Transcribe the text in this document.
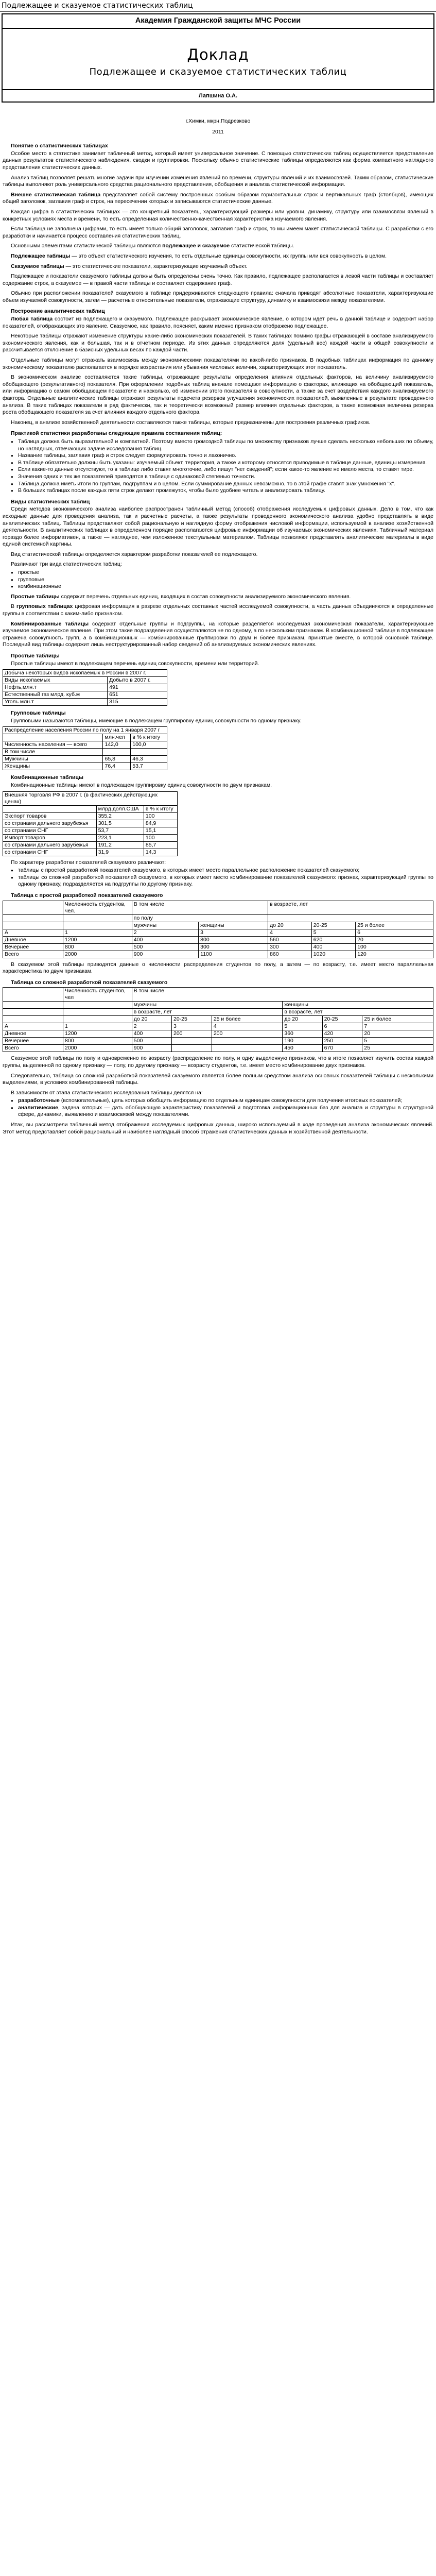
Подлежащее и сказуемое статистических таблиц
Академия Гражданской защиты МЧС России
Доклад
Подлежащее и сказуемое статистических таблиц
Лапшина О.А.
г.Химки, мкрн.Подрезково
2011
Понятие о статистических таблицах

Особое место в статистике занимает табличный метод, который имеет универсальное значение. С помощью статистических таблиц осуществляется представление данных результатов статистического наблюдения, сводки и группировки. Поскольку обычно статистические таблицы определяются как форма компактного наглядного представления статистических данных.

Анализ таблиц позволяет решать многие задачи при изучении изменения явлений во времени, структуры явлений и их взаимосвязей. Таким образом, статистические таблицы выполняют роль универсального средства рационального представления, обобщения и анализа статистической информации.

Внешне статистическая таблица представляет собой систему построенных особым образом горизонтальных строк и вертикальных граф (столбцов), имеющих общий заголовок, заглавия граф и строк, на пересечении которых и записываются статистические данные.

Каждая цифра в статистических таблицах — это конкретный показатель, характеризующий размеры или уровни, динамику, структуру или взаимосвязи явлений в конкретных условиях места и времени, то есть определенная количественно-качественная характеристика изучаемого явления.

Если таблица не заполнена цифрами, то есть имеет только общий заголовок, заглавия граф и строк, то мы имеем макет статистической таблицы. С разработки с его разработки и начинается процесс составления статистических таблиц.

Основными элементами статистической таблицы являются подлежащее и сказуемое статистической таблицы.

Подлежащее таблицы — это объект статистического изучения, то есть отдельные единицы совокупности, их группы или вся совокупность в целом.

Сказуемое таблицы — это статистические показатели, характеризующие изучаемый объект.

Подлежащее и показатели сказуемого таблицы должны быть определены очень точно. Как правило, подлежащее располагается в левой части таблицы и составляет содержание строк, а сказуемое — в правой части таблицы и составляет содержание граф.

Обычно при расположении показателей сказуемого в таблице придерживаются следующего правила: сначала приводят абсолютные показатели, характеризующие объем изучаемой совокупности, затем — расчетные относительные показатели, отражающие структуру, динамику и взаимосвязи между показателями.

Построение аналитических таблиц

Любая таблица состоит из подлежащего и сказуемого. Подлежащее раскрывает экономическое явление, о котором идет речь в данной таблице и содержит набор показателей, отображающих это явление. Сказуемое, как правило, поясняет, каким именно признаком отображено подлежащее.

Некоторые таблицы отражают изменение структуры какие-либо экономических показателей. В таких таблицах помимо графы отражающей в составе анализируемого экономического явления, как и большая, так и в отчетном периоде. Из этих данных определяются доля (удельный вес) каждой части в общей совокупности и рассчитывается отклонение в базисных удельных весах по каждой части.

Отдельные таблицы могут отражать взаимосвязь между экономическими показателями по какой-либо признаков. В подобных таблицах информация по данному экономическому показателю располагается в порядке возрастания или убывания числовых величин, характеризующих этот показатель.

В экономическом анализе составляются такие таблицы, отражающие результаты определения влияния отдельных факторов, на величину анализируемого обобщающего (результативного) показателя. При оформлении подобных таблиц вначале помещают информацию о факторах, влияющих на обобщающий показатель, или информацию о самом обобщающем показателе и насколько, об изменении этого показателя в совокупности, а также за счет воздействия каждого анализируемого фактора. Отдельные аналитические таблицы отражают результаты подсчета резервов улучшения экономических показателей, выявленные в результате проведенного анализа. В таких таблицах показатели в ряд фактически, так и теоретически возможный размер влияния отдельных факторов, а также возможная величина резерва роста обобщающего показателя за счет влияния каждого отдельного фактора.

Наконец, в анализе хозяйственной деятельности составляются также таблицы, которые предназначены для построения различных графиков.

Практикой статистики разработаны следующие правила составления таблиц:
● Таблица должна быть выразительной и компактной. Поэтому вместо громоздкой таблицы по множеству признаков лучше сделать несколько небольших по объему, но наглядных, отвечающих задаче исследования таблиц.
● Название таблицы, заглавия граф и строк следует формулировать точно и лаконично.
● В таблице обязательно должны быть указаны: изучаемый объект, территория, а также и которому относятся приводимые в таблице данные, единицы измерения.
● Если какие-то данные отсутствуют, то в таблице либо ставят многоточие, либо пишут "нет сведений"; если какое-то явление не имело места, то ставят тире.
● Значения одних и тех же показателей приводятся в таблице с одинаковой степенью точности.
● Таблица должна иметь итоги по группам, подгруппам и в целом. Если суммирование данных невозможно, то в этой графе ставят знак умножения "х".
● В больших таблицах после каждых пяти строк делают промежуток, чтобы было удобнее читать и анализировать таблицу.
Виды статистических таблиц

Среди методов экономического анализа наиболее распространен табличный метод (способ) отображения исследуемых цифровых данных. Дело в том, что как исходные данные для проведения анализа, так и расчетные расчеты, а также результаты проведенного экономического анализа удобно представлять в виде аналитических таблиц. Таблицы представляют собой рациональную и наглядную форму отображения числовой информации, используемой в анализе хозяйственной деятельности. В аналитических таблицах в определенном порядке располагаются цифровые информации об изучаемых экономических явлениях. Табличный материал гораздо более информативен, а также — нагляднее, чем изложенное текстуальным материалом. Таблицы позволяют представлять аналитические материалы в виде единой системной картины.

Вид статистической таблицы определяется характером разработки показателей ее подлежащего.

Различают три вида статистических таблиц:

● простые
● групповые
● комбинационные

Простые таблицы содержит перечень отдельных единиц, входящих в состав совокупности анализируемого экономического явления.

В групповых таблицах цифровая информация в разрезе отдельных составных частей исследуемой совокупности, а часть данных объединяются в определенные группы в соответствии с каким-либо признаком.

Комбинированные таблицы содержат отдельные группы и подгруппы, на которые разделяется исследуемая экономическая показатели, характеризующие изучаемое экономическое явление. При этом такие подразделения осуществляются не по одному, а по нескольким признакам. В комбинационной таблице в подлежащее отражена совокупность групп, а в комбинационных — комбинированные группировки по двум и более признакам, принятые вместе, в которой основной таблице. Последний вид таблицы содержит лишь неструктурированный набор сведений об анализируемых экономических явлениях.

Простые таблицы

Простые таблицы имеют в подлежащем перечень единиц совокупности, времени или территорий.

Добыча некоторых видов ископаемых в России в 2007 г.	
Виды ископаемых	Добыто в 2007 г.
Нефть,млн.т	491
Естественный газ млрд. куб.м	651
Уголь млн.т	315
Групповые таблицы

Групповыми называются таблицы, имеющие в подлежащем группировку единиц совокупности по одному признаку.

Распределение населения России по полу на 1 января 2007 г		
	млн.чел	в % к итогу
Численность населения — всего	142,0	100,0
В том числе		
Мужчины	65,8	46,3
Женщины	76,4	53,7
Комбинационные таблицы

Комбинационные таблицы имеют в подлежащем группировку единиц совокупности по двум признакам.

Внешняя торговля РФ в 2007 г. (в фактических действующих ценах)		
	млрд.долл.США	в % к итогу
Экспорт товаров	355,2	100
со странами дальнего зарубежья	301,5	84,9
со странами СНГ	53,7	15,1
Импорт товаров	223,1	100
со странами дальнего зарубежья	191,2	85,7
со странами СНГ	31,9	14,3

По характеру разработки показателей сказуемого различают:

● таблицы с простой разработкой показателей сказуемого, в которых имеет место параллельное расположение показателей сказуемого;
● таблицы со сложной разработкой показателей сказуемого, в которых имеет место комбинирование показателей сказуемого: признак, характеризующий группы по одному признаку, подразделяется на подгруппы по другому признаку.
Таблица с простой разработкой показателей сказуемого
	Численность студентов, чел.	В том числе		в возрасте, лет		
		по полу				
		мужчины	женщины	до 20	20-25	25 и более
А	1	2	3	4	5	6
Дневное	1200	400	800	560	620	20
Вечернее	800	500	300	300	400	100
Всего	2000	900	1100	860	1020	120

В сказуемом этой таблицы приводятся данные о численности распределения студентов по полу, а затем — по возрасту, т.е. имеет место параллельная характеристика по двум признакам.

Таблица со сложной разработкой показателей сказуемого
	Численность студентов, чел	В том числе					
		мужчины			женщины		
		в возрасте, лет			в возрасте, лет		
		до 20	20-25	25 и более	до 20	20-25	25 и более
А	1	2	3	4	5	6	7
Дневное	1200	400	200	200	360	420	20
Вечернее	800	500			190	250	5
Всего	2000	900			450	670	25

Сказуемое этой таблицы по полу и одновременно по возрасту (распределение по полу, и одну выделенную признаков, что в итоге позволяет изучить состав каждой группы, выделенной по одному признаку — полу, по другому признаку — возрасту студентов, т.е. имеет место комбинирование двух признаков.

Следовательно, таблица со сложной разработкой показателей сказуемого является более полным средством анализа основных показателей таблицы с несколькими выделениями, в условиях комбинированной таблицы.

В зависимости от этапа статистического исследования таблицы делятся на:

● разработочные (вспомогательные), цель которых обобщить информацию по отдельным единицам совокупности для получения итоговых показателей;
● аналитические, задача которых — дать обобщающую характеристику показателей и подготовка информационных баз для анализа и структуры в структурной сфере, динамики, выявлению и взаимосвязей между показателями.

Итак, вы рассмотрели табличный метод отображения исследуемых цифровых данных, широко используемый в ходе проведения анализа экономических явлений. Этот метод представляет собой рациональный и наиболее наглядный способ отражения статистических данных и хозяйственной деятельности.
